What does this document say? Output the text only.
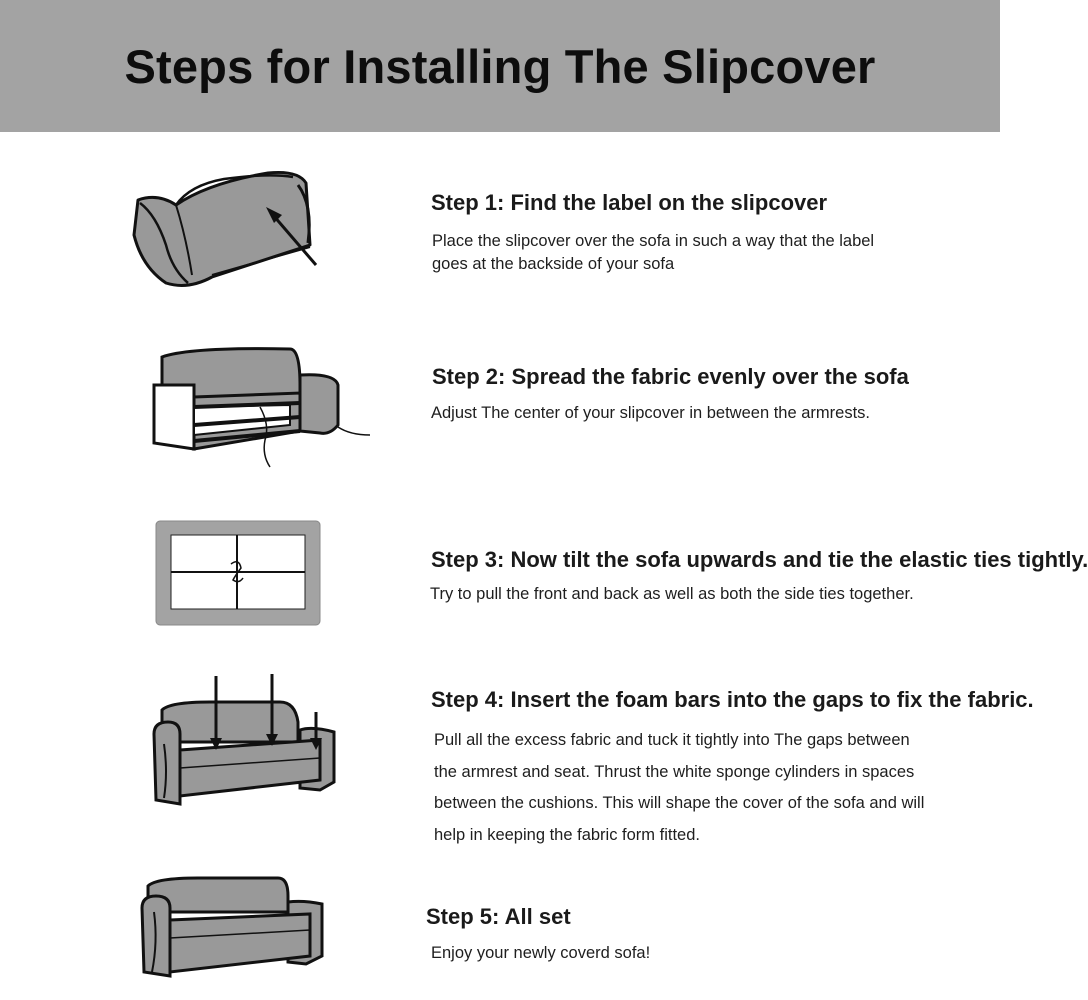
Steps for Installing The Slipcover
Step 1: Find the label on the slipcover
Place the slipcover over the sofa in such a way that the label
goes at the backside of your sofa
Step 2: Spread the fabric evenly over the sofa
Adjust The center of your slipcover in between the armrests.
Step 3: Now tilt the sofa upwards and tie the elastic ties tightly.
Try to pull the front and back as well as both the side ties together.
Step 4: Insert the foam bars into the gaps to fix the fabric.
Pull all the excess fabric and tuck it tightly into The gaps between
the armrest and seat. Thrust the white sponge cylinders in spaces
between the cushions. This will shape the cover of the sofa and will
help in keeping the fabric form fitted.
Step 5: All set
Enjoy your newly coverd sofa!
